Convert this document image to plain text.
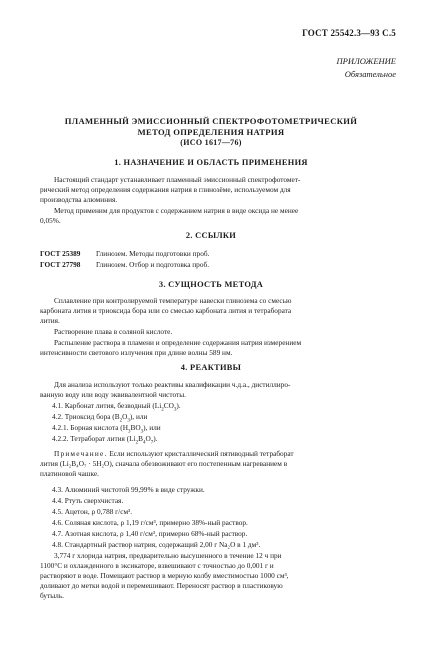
ГОСТ 25542.3—93 С.5
ПРИЛОЖЕНИЕ
Обязательное
ПЛАМЕННЫЙ ЭМИССИОННЫЙ СПЕКТРОФОТОМЕТРИЧЕСКИЙ
МЕТОД ОПРЕДЕЛЕНИЯ НАТРИЯ
(ИСО 1617—76)
1. НАЗНАЧЕНИЕ И ОБЛАСТЬ ПРИМЕНЕНИЯ
Настоящий стандарт устанавливает пламенный эмиссионный спектрофотомет-
рический метод определения содержания натрия в глинозёме, используемом для
производства алюминия.
Метод применим для продуктов с содержанием натрия в виде оксида не менее
0,05%.
2. ССЫЛКИ
ГОСТ 25389 Глинозем. Методы подготовки проб.
ГОСТ 27798 Глинозем. Отбор и подготовка проб.
3. СУЩНОСТЬ МЕТОДА
Сплавление при контролируемой температуре навески глинозема со смесью
карбоната лития и триоксида бора или со смесью карбоната лития и тетрабората
лития.
Растворение плава в соляной кислоте.
Распыление раствора в пламени и определение содержания натрия измерением
интенсивности светового излучения при длине волны 589 нм.
4. РЕАКТИВЫ
Для анализа используют только реактивы квалификации ч.д.а., дистиллиро-
ванную воду или воду эквивалентной чистоты.
4.1. Карбонат лития, безводный $(Li_2CO_3)$.
4.2. Триоксид бора $(B_2O_3)$, или
4.2.1. Борная кислота $(H_3BO_3)$, или
4.2.2. Тетраборат лития $(Li_2B_4O_7)$.
Примечание. Если используют кристаллический пятиводный тетраборат
лития (Li₂B₄O₇ · 5H₂O), сначала обезвоживают его постепенным нагреванием в
платиновой чашке.
4.3. Алюминий чистотой 99,99% в виде стружки.
4.4. Ртуть сверхчистая.
4.5. Ацетон, ρ 0,788 г/см³.
4.6. Соляная кислота, ρ 1,19 г/см³, примерно 38%-ный раствор.
4.7. Азотная кислота, ρ 1,40 г/см³, примерно 68%-ный раствор.
4.8. Стандартный раствор натрия, содержащий 2,00 г Na₂O в 1 дм³.
3,774 г хлорида натрия, предварительно высушенного в течение 12 ч при
1100°С и охлажденного в эксикаторе, взвешивают с точностью до 0,001 г и
растворяют в воде. Помещают раствор в мерную колбу вместимостью 1000 см³,
доливают до метки водой и перемешивают. Переносят раствор в пластиковую
бутыль.
